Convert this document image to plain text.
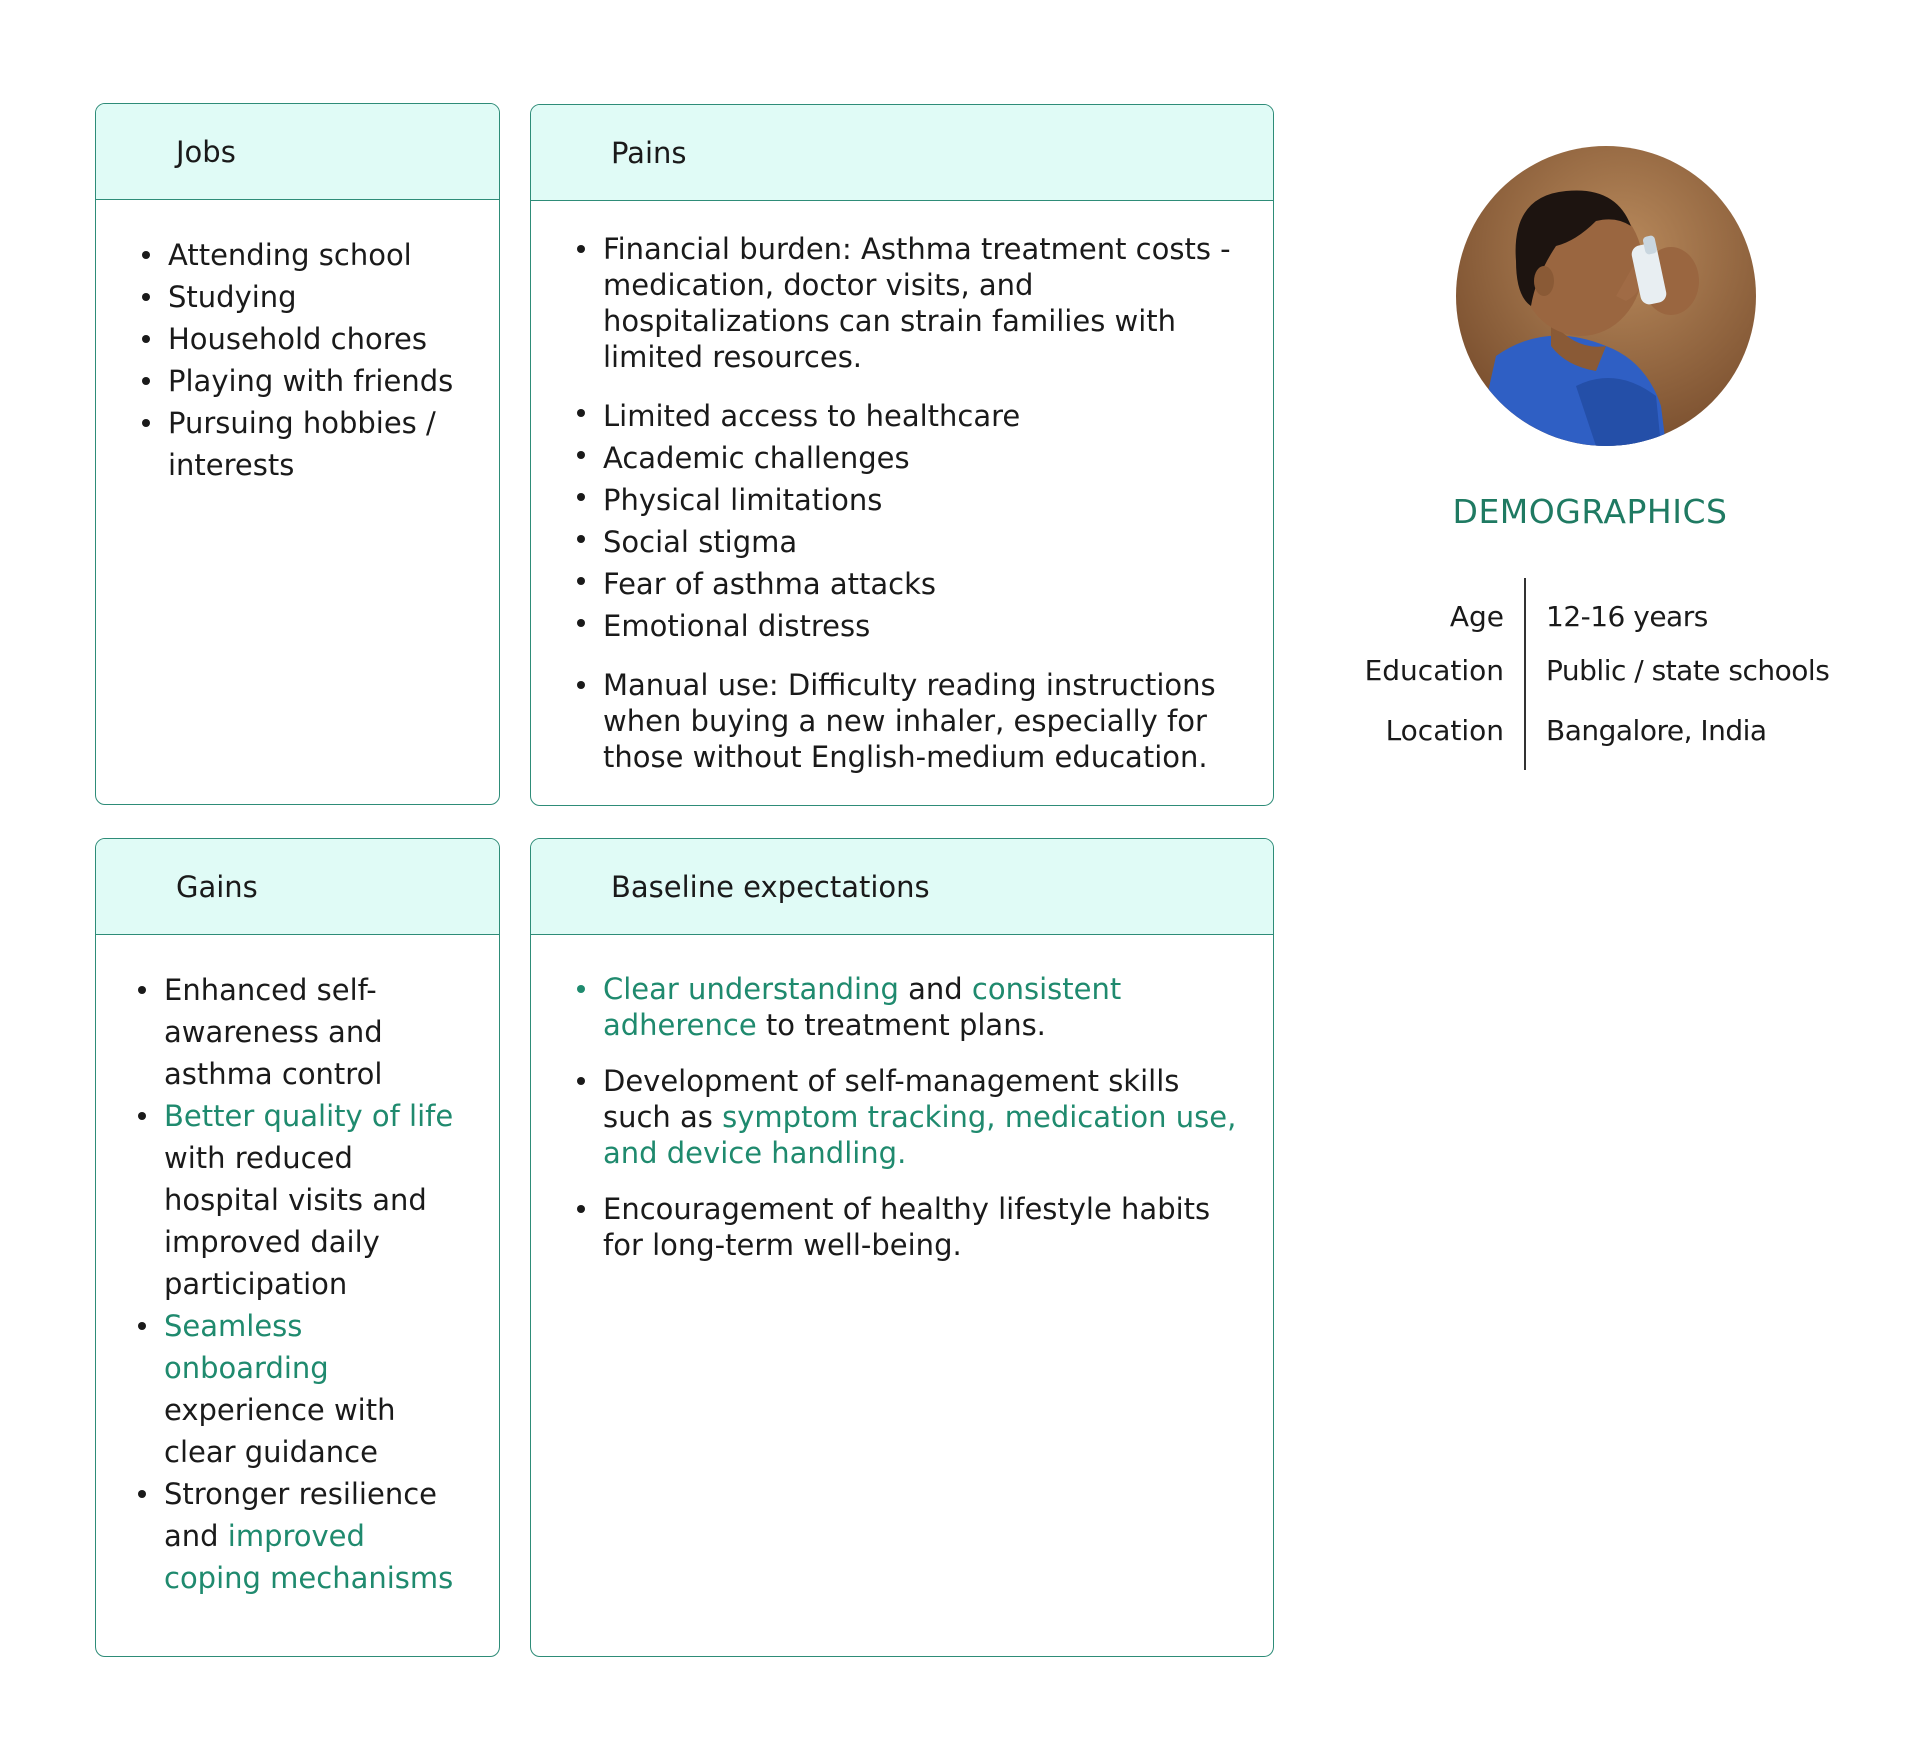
Jobs
Attending school
Studying
Household chores
Playing with friends
Pursuing hobbies / interests
Pains
Financial burden: Asthma treatment costs - medication, doctor visits, and hospitalizations can strain families with limited resources.
Limited access to healthcare
Academic challenges
Physical limitations
Social stigma
Fear of asthma attacks
Emotional distress
Manual use: Difficulty reading instructions when buying a new inhaler, especially for those without English-medium education.
Gains
Enhanced self-awareness and asthma control
Better quality of life with reduced hospital visits and improved daily participation
Seamless onboarding experience with clear guidance
Stronger resilience and improved coping mechanisms
Baseline expectations
Clear understanding and consistent adherence to treatment plans.
Development of self-management skills such as symptom tracking, medication use, and device handling.
Encouragement of healthy lifestyle habits for long-term well-being.
DEMOGRAPHICS
Age 12-16 years
Education Public / state schools
Location Bangalore, India
